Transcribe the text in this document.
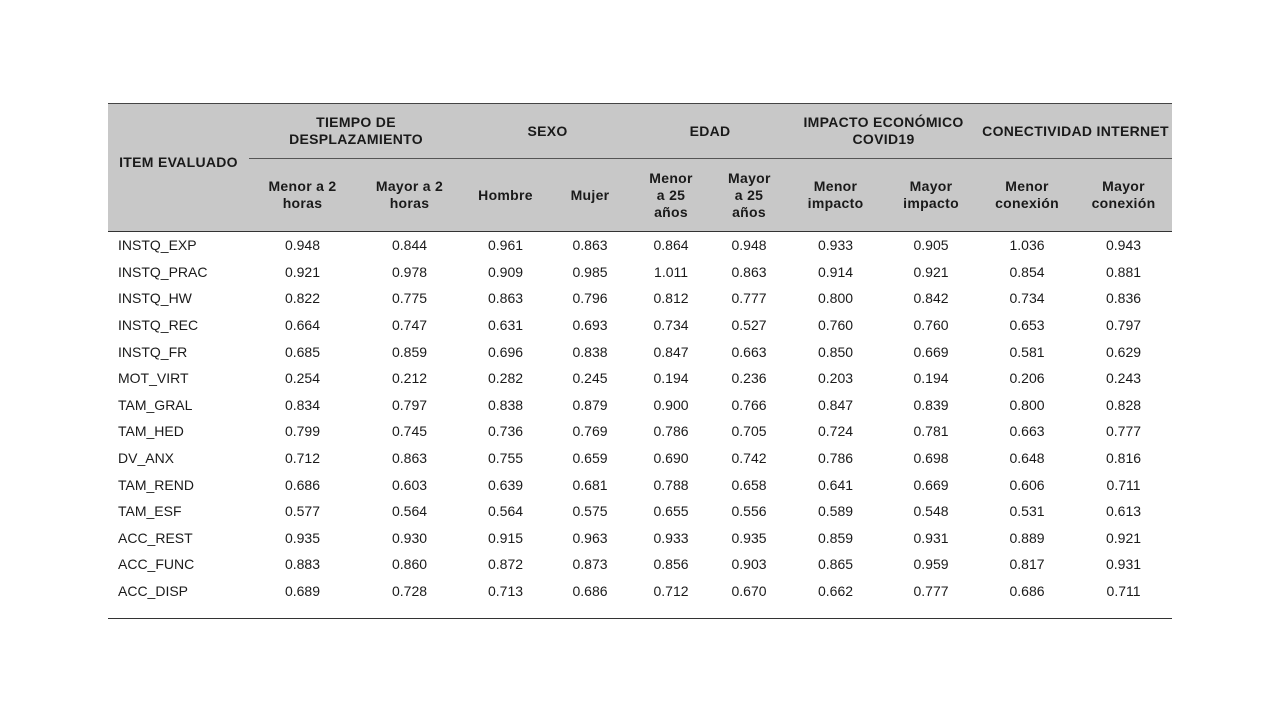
ITEM EVALUADO	TIEMPO DE DESPLAZAMIENTO		SEXO		EDAD		IMPACTO ECONÓMICO COVID19		CONECTIVIDAD INTERNET	
	Menor a 2 horas	Mayor a 2 horas	Hombre	Mujer	Menor a 25 años	Mayor a 25 años	Menor impacto	Mayor impacto	Menor conexión	Mayor conexión
INSTQ_EXP	0.948	0.844	0.961	0.863	0.864	0.948	0.933	0.905	1.036	0.943
INSTQ_PRAC	0.921	0.978	0.909	0.985	1.011	0.863	0.914	0.921	0.854	0.881
INSTQ_HW	0.822	0.775	0.863	0.796	0.812	0.777	0.800	0.842	0.734	0.836
INSTQ_REC	0.664	0.747	0.631	0.693	0.734	0.527	0.760	0.760	0.653	0.797
INSTQ_FR	0.685	0.859	0.696	0.838	0.847	0.663	0.850	0.669	0.581	0.629
MOT_VIRT	0.254	0.212	0.282	0.245	0.194	0.236	0.203	0.194	0.206	0.243
TAM_GRAL	0.834	0.797	0.838	0.879	0.900	0.766	0.847	0.839	0.800	0.828
TAM_HED	0.799	0.745	0.736	0.769	0.786	0.705	0.724	0.781	0.663	0.777
DV_ANX	0.712	0.863	0.755	0.659	0.690	0.742	0.786	0.698	0.648	0.816
TAM_REND	0.686	0.603	0.639	0.681	0.788	0.658	0.641	0.669	0.606	0.711
TAM_ESF	0.577	0.564	0.564	0.575	0.655	0.556	0.589	0.548	0.531	0.613
ACC_REST	0.935	0.930	0.915	0.963	0.933	0.935	0.859	0.931	0.889	0.921
ACC_FUNC	0.883	0.860	0.872	0.873	0.856	0.903	0.865	0.959	0.817	0.931
ACC_DISP	0.689	0.728	0.713	0.686	0.712	0.670	0.662	0.777	0.686	0.711
